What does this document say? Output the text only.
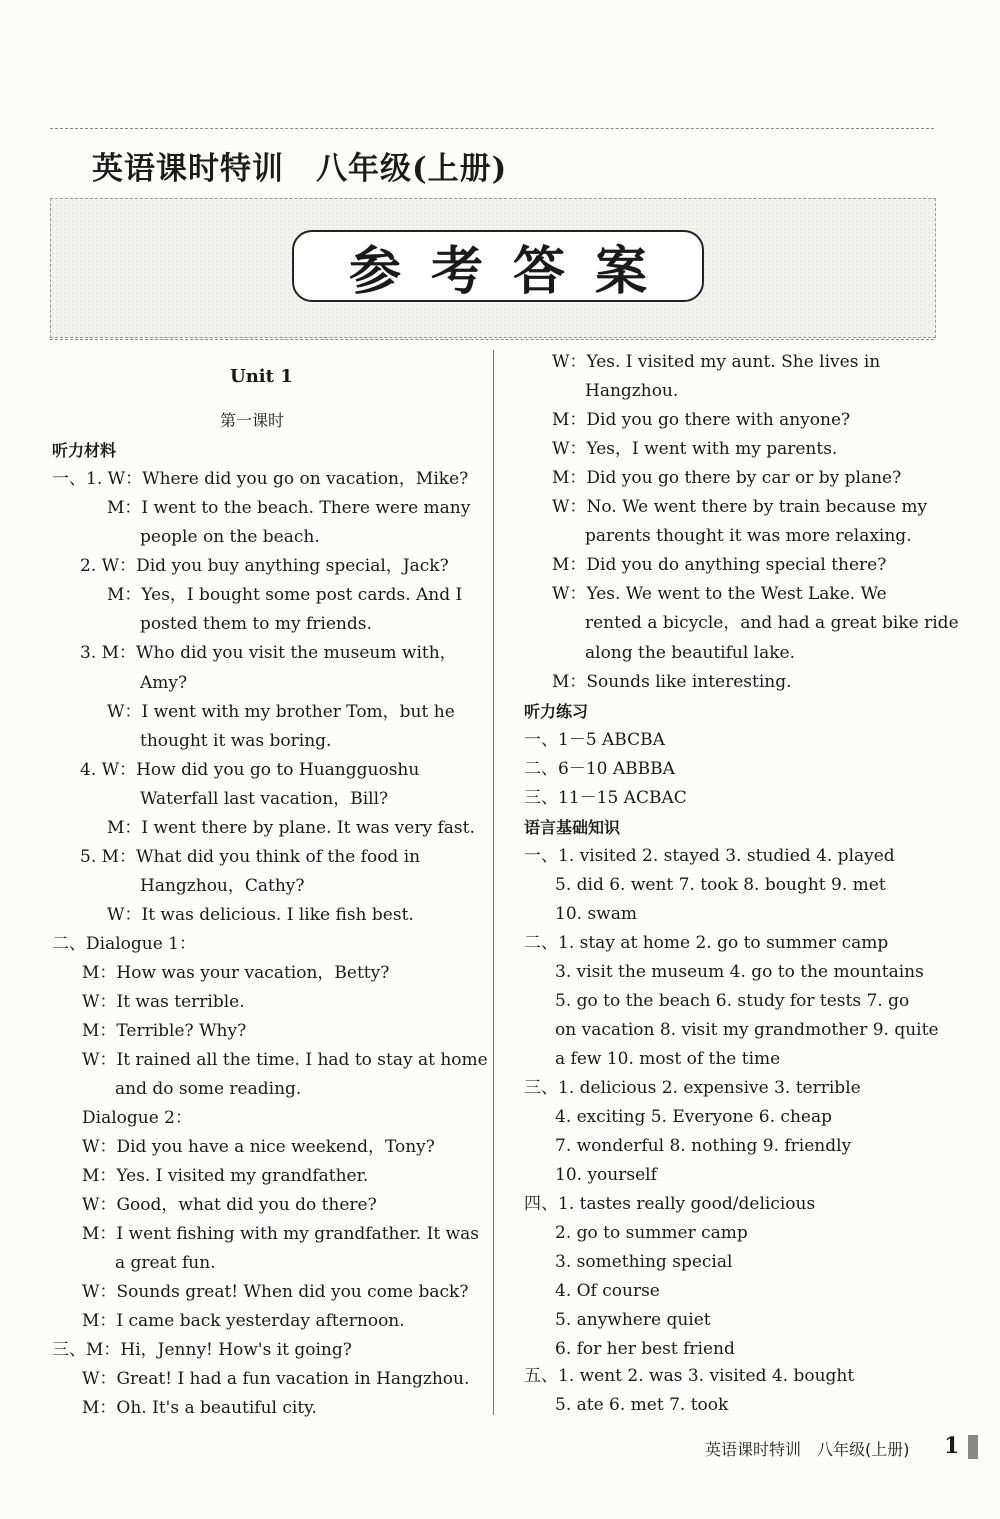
英语课时特训　八年级(上册)
参考答案
Unit 1
第一课时
听力材料
一、1. W：Where did you go on vacation，Mike?
M：I went to the beach. There were many
people on the beach.
2. W：Did you buy anything special，Jack?
M：Yes，I bought some post cards. And I
posted them to my friends.
3. M：Who did you visit the museum with，
Amy?
W：I went with my brother Tom，but he
thought it was boring.
4. W：How did you go to Huangguoshu
Waterfall last vacation，Bill?
M：I went there by plane. It was very fast.
5. M：What did you think of the food in
Hangzhou，Cathy?
W：It was delicious. I like fish best.
二、Dialogue 1：
M：How was your vacation，Betty?
W：It was terrible.
M：Terrible? Why?
W：It rained all the time. I had to stay at home
and do some reading.
Dialogue 2：
W：Did you have a nice weekend，Tony?
M：Yes. I visited my grandfather.
W：Good，what did you do there?
M：I went fishing with my grandfather. It was
a great fun.
W：Sounds great! When did you come back?
M：I came back yesterday afternoon.
三、M：Hi，Jenny! How's it going?
W：Great! I had a fun vacation in Hangzhou.
M：Oh. It's a beautiful city.
W：Yes. I visited my aunt. She lives in
Hangzhou.
M：Did you go there with anyone?
W：Yes，I went with my parents.
M：Did you go there by car or by plane?
W：No. We went there by train because my
parents thought it was more relaxing.
M：Did you do anything special there?
W：Yes. We went to the West Lake. We
rented a bicycle，and had a great bike ride
along the beautiful lake.
M：Sounds like interesting.
听力练习
一、1－5 ABCBA
二、6－10 ABBBA
三、11－15 ACBAC
语言基础知识
一、1. visited 2. stayed 3. studied 4. played
5. did 6. went 7. took 8. bought 9. met
10. swam
二、1. stay at home 2. go to summer camp
3. visit the museum 4. go to the mountains
5. go to the beach 6. study for tests 7. go
on vacation 8. visit my grandmother 9. quite
a few 10. most of the time
三、1. delicious 2. expensive 3. terrible
4. exciting 5. Everyone 6. cheap
7. wonderful 8. nothing 9. friendly
10. yourself
四、1. tastes really good/delicious
2. go to summer camp
3. something special
4. Of course
5. anywhere quiet
6. for her best friend
五、1. went 2. was 3. visited 4. bought
5. ate 6. met 7. took
英语课时特训　八年级(上册) 1
